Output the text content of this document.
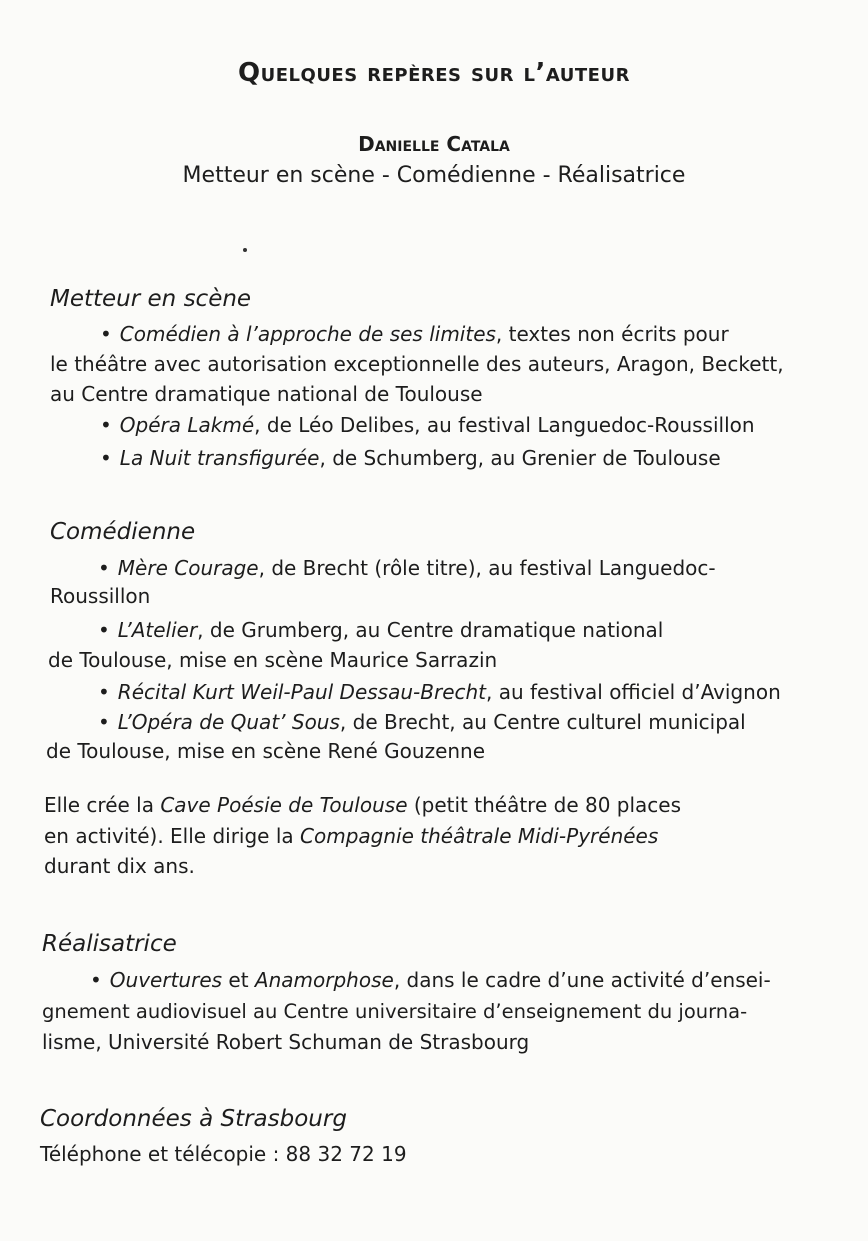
Quelques repères sur l’auteur
Danielle Catala
Metteur en scène - Comédienne - Réalisatrice
Metteur en scène
• Comédien à l’approche de ses limites, textes non écrits pour
le théâtre avec autorisation exceptionnelle des auteurs, Aragon, Beckett,
au Centre dramatique national de Toulouse
• Opéra Lakmé, de Léo Delibes, au festival Languedoc-Roussillon
• La Nuit transfigurée, de Schumberg, au Grenier de Toulouse
Comédienne
• Mère Courage, de Brecht (rôle titre), au festival Languedoc-
Roussillon
• L’Atelier, de Grumberg, au Centre dramatique national
de Toulouse, mise en scène Maurice Sarrazin
• Récital Kurt Weil-Paul Dessau-Brecht, au festival officiel d’Avignon
• L’Opéra de Quat’ Sous, de Brecht, au Centre culturel municipal
de Toulouse, mise en scène René Gouzenne
Elle crée la Cave Poésie de Toulouse (petit théâtre de 80 places
en activité). Elle dirige la Compagnie théâtrale Midi-Pyrénées
durant dix ans.
Réalisatrice
• Ouvertures et Anamorphose, dans le cadre d’une activité d’ensei-
gnement audiovisuel au Centre universitaire d’enseignement du journa-
lisme, Université Robert Schuman de Strasbourg
Coordonnées à Strasbourg
Téléphone et télécopie : 88 32 72 19
